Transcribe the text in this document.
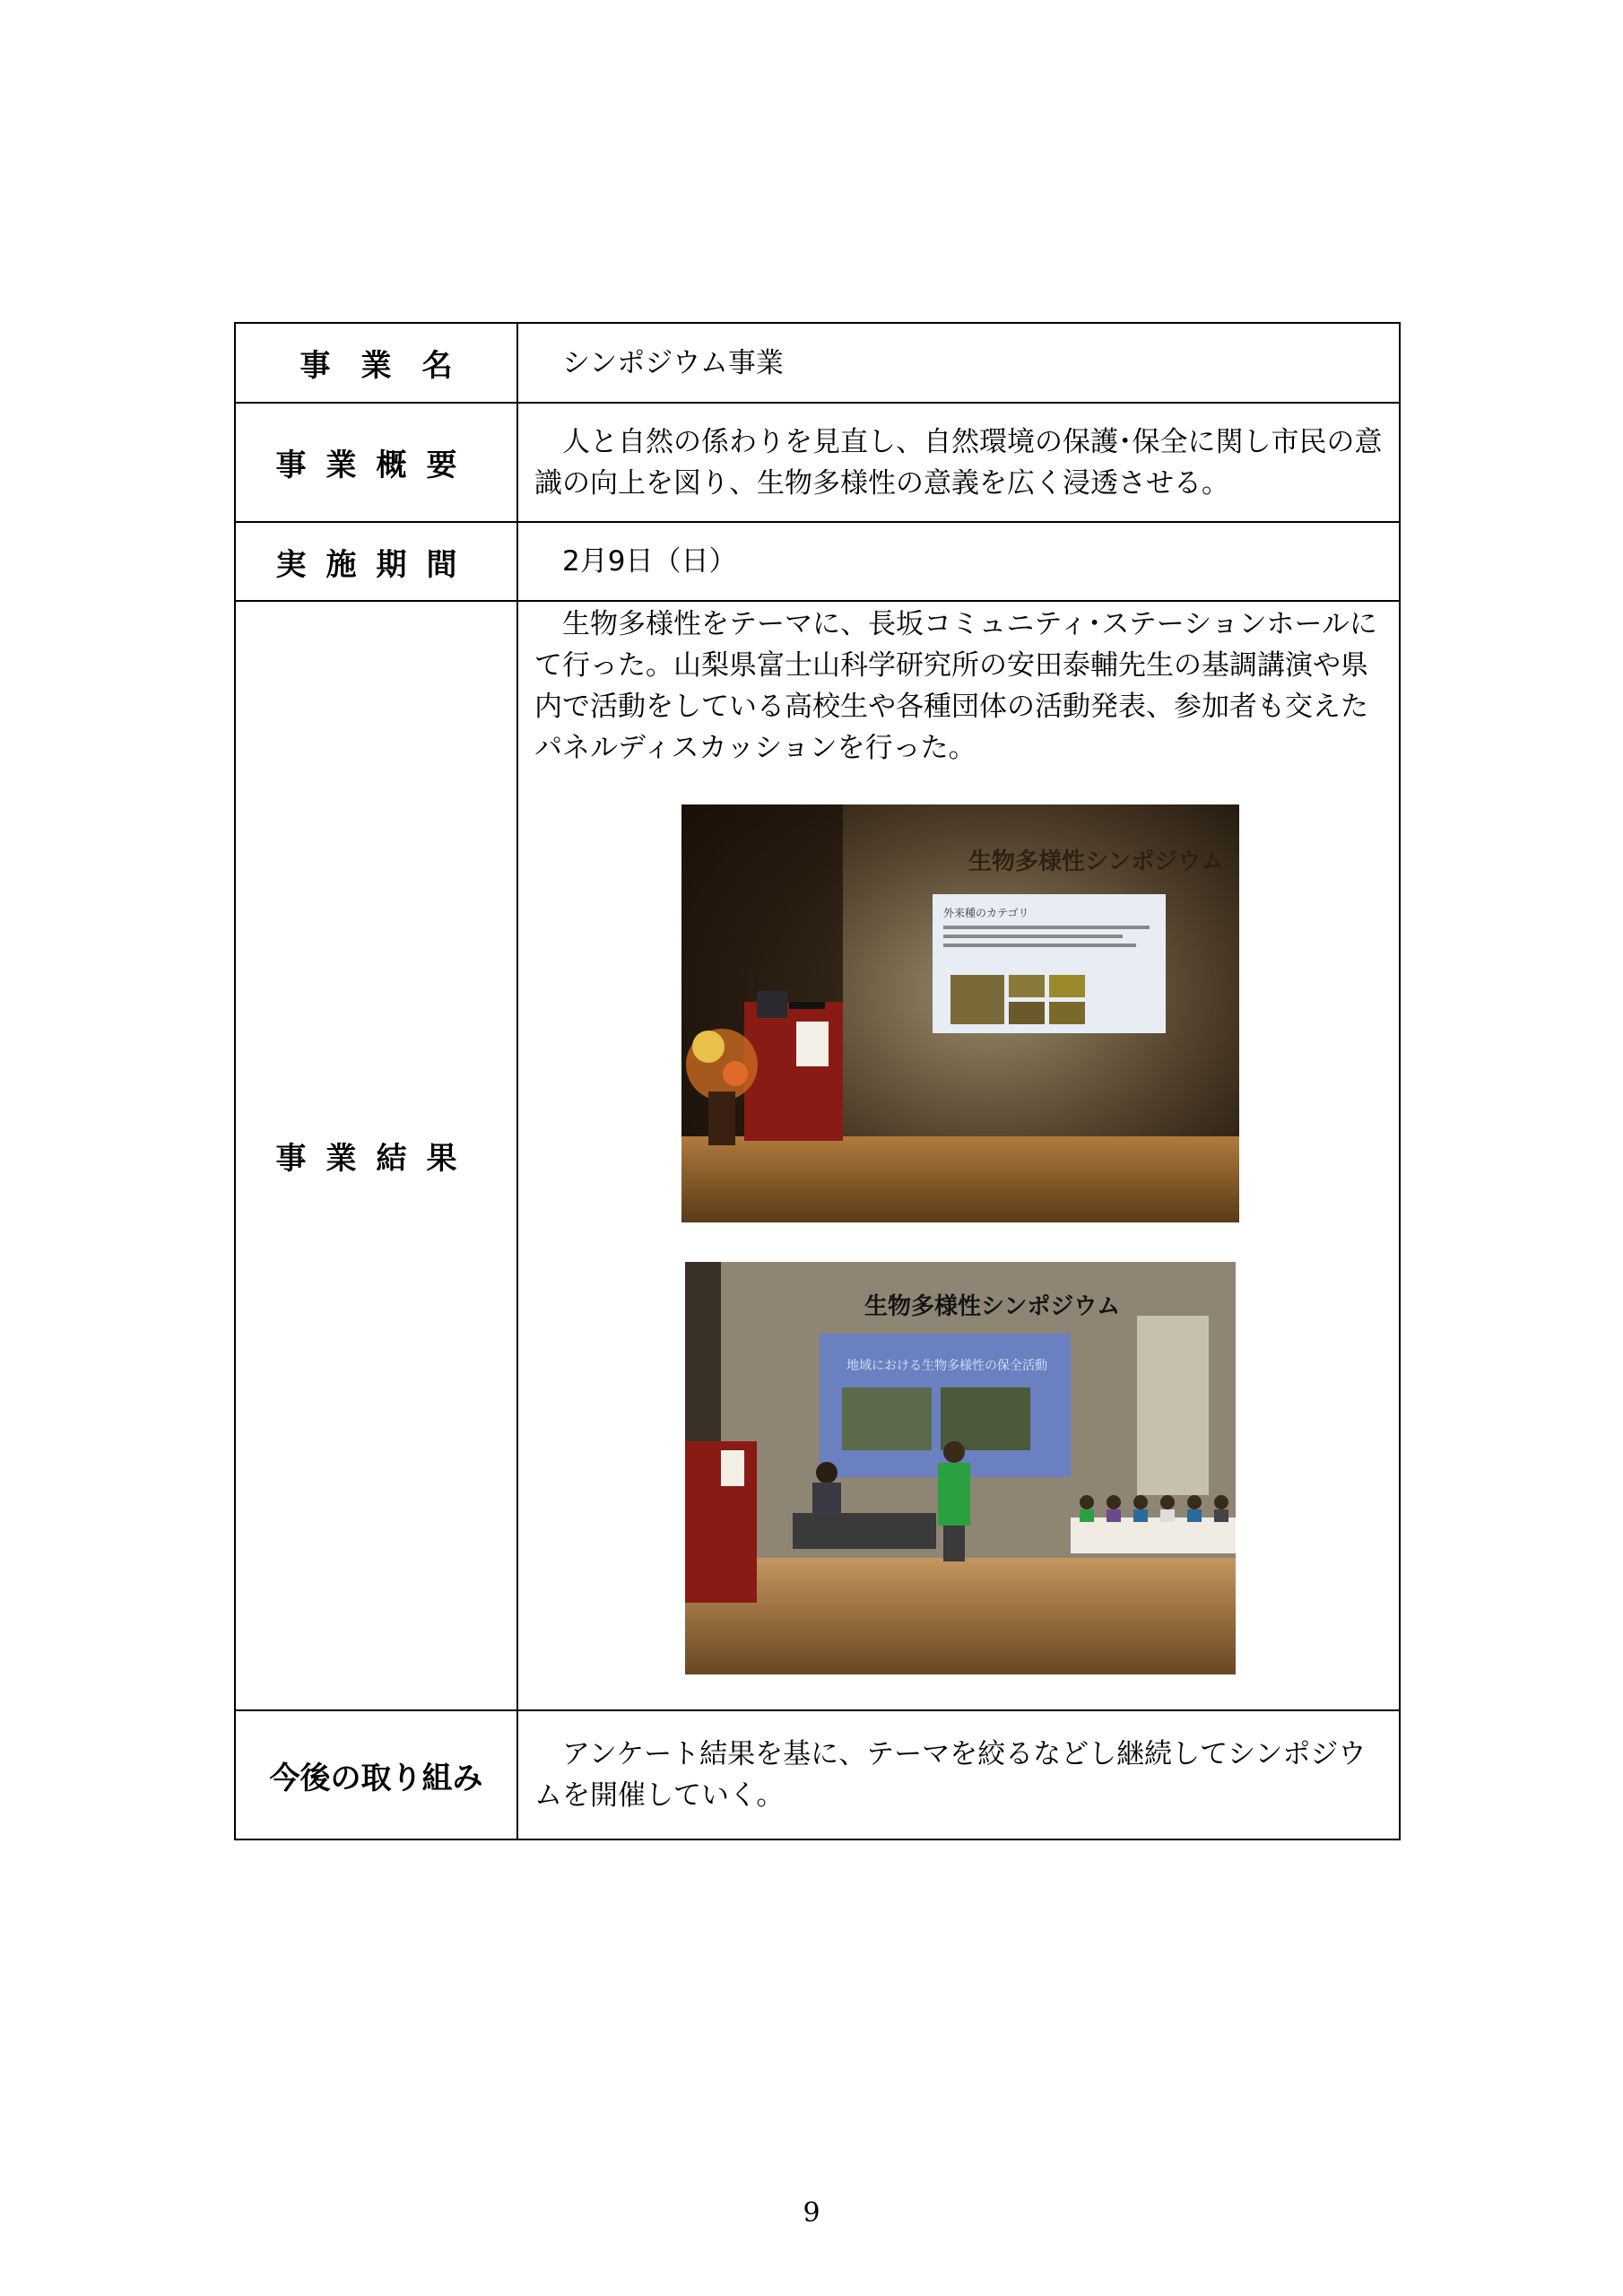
事　業　名	シンポジウム事業
事業概要	人と自然の係わりを見直し、自然環境の保護･保全に関し市民の意識の向上を図り、生物多様性の意義を広く浸透させる。
実施期間	2月9日（日）
事業結果	生物多様性をテーマに、長坂コミュニティ･ステーションホールにて行った。山梨県富士山科学研究所の安田泰輔先生の基調講演や県内で活動をしている高校生や各種団体の活動発表、参加者も交えたパネルディスカッションを行った。
生物多様性シンポジウム
外来種のカテゴリ
生物多様性シンポジウム
地域における生物多様性の保全活動

今後の取り組み	アンケート結果を基に、テーマを絞るなどし継続してシンポジウムを開催していく。
9
